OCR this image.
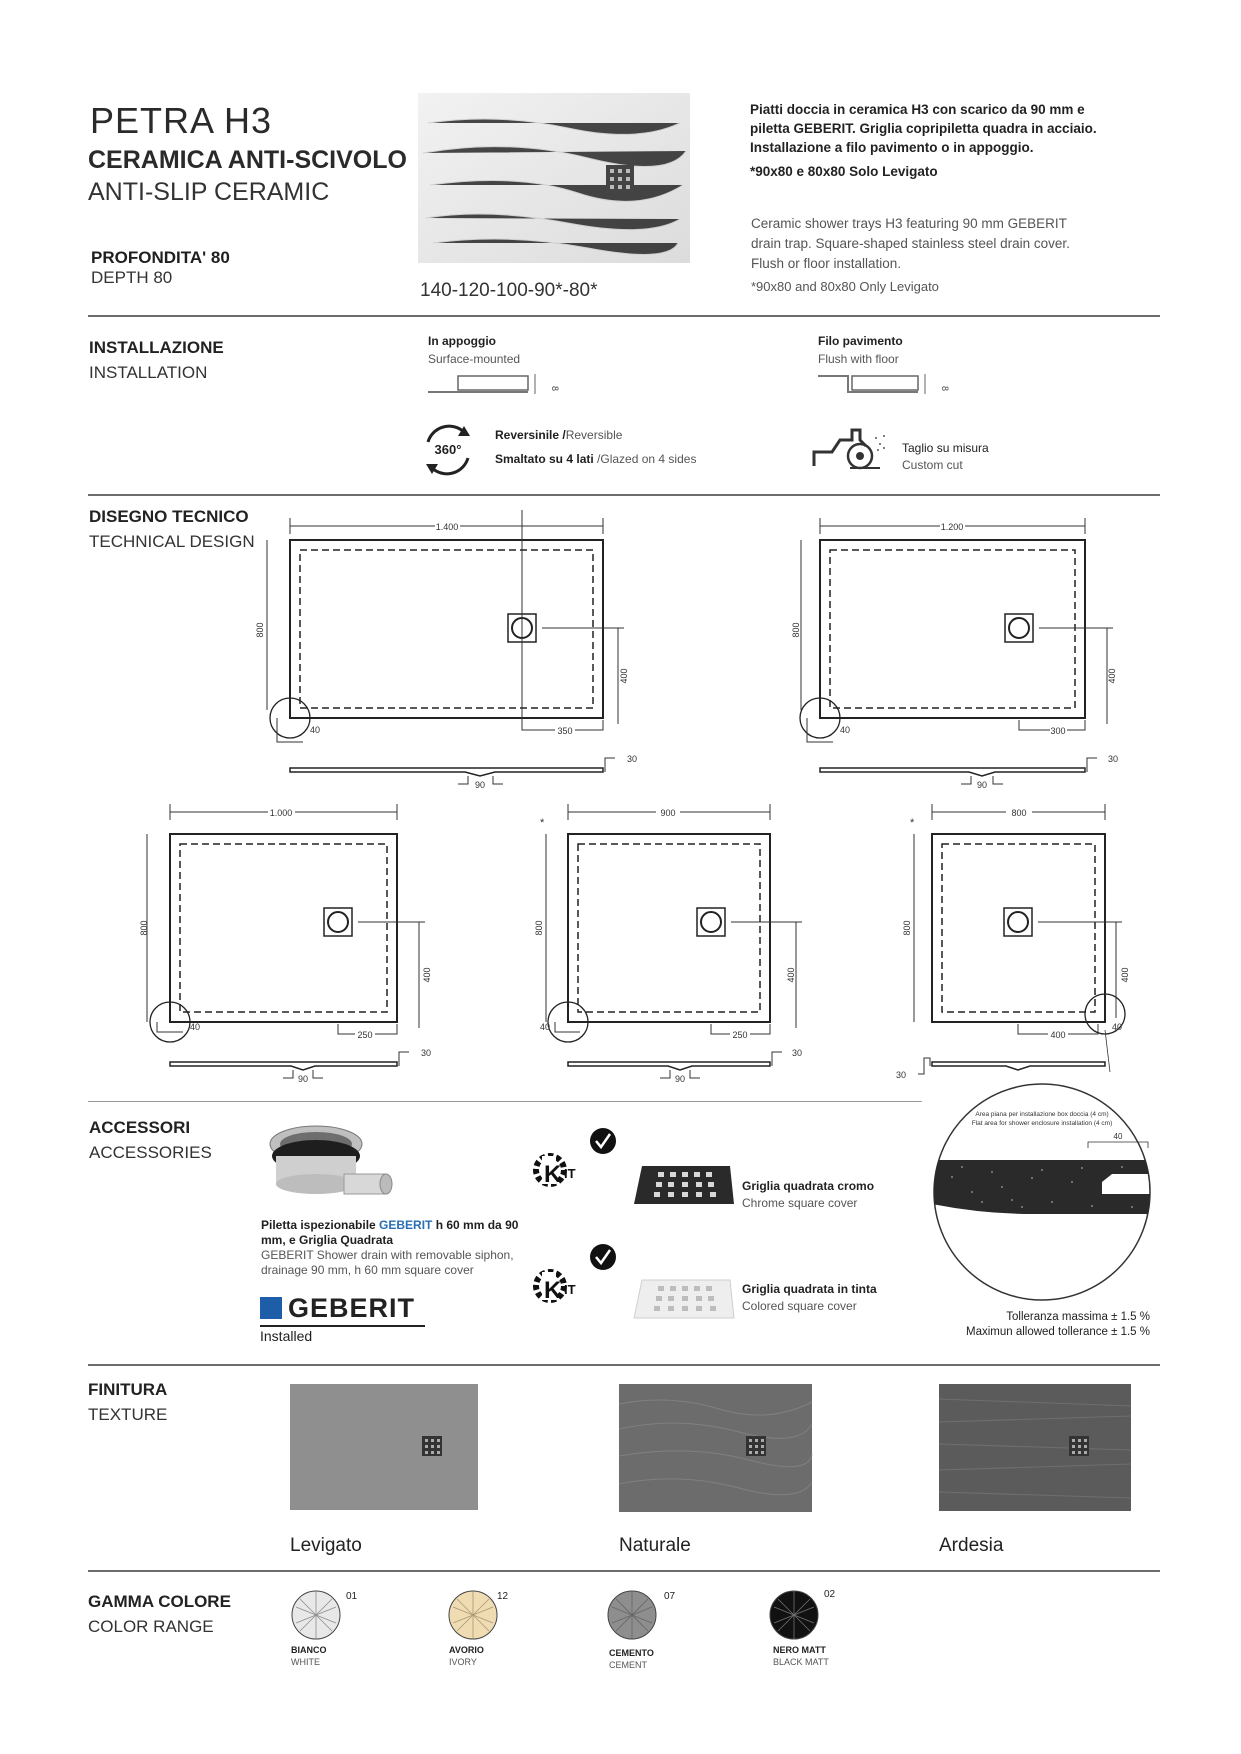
PETRA H3
CERAMICA ANTI-SCIVOLO
ANTI-SLIP CERAMIC
PROFONDITA' 80
DEPTH 80
140-120-100-90*-80*
Piatti doccia in ceramica H3 con scarico da 90 mm e
piletta GEBERIT. Griglia copripiletta quadra in acciaio.
Installazione a filo pavimento o in appoggio.
*90x80 e 80x80 Solo Levigato
Ceramic shower trays H3 featuring 90 mm GEBERIT
drain trap. Square-shaped stainless steel drain cover.
Flush or floor installation.
*90x80 and 80x80 Only Levigato
INSTALLAZIONE
INSTALLATION
In appoggio
Surface-mounted
8
Filo pavimento
Flush with floor
8
360°
Reversinile /Reversible
Smaltato su 4 lati /Glazed on 4 sides
Taglio su misura
Custom cut
DISEGNO TECNICO
TECHNICAL DESIGN
1.400
800
400
350
40
30
90
1.200
800
400
300
40
30
90
1.000
800
400
250
40
30
90
*
900
800
400
250
40
30
90
*
800
800
400
400
40
30
ACCESSORI
ACCESSORIES
Piletta ispezionabile GEBERIT h 60 mm da 90
mm, e Griglia Quadrata
GEBERIT Shower drain with removable siphon,
drainage 90 mm, h 60 mm square cover
GEBERIT
Installed
K IT
Griglia quadrata cromo
Chrome square cover
K IT	Griglia quadrata in tinta
Colored square cover
Area piana per installazione box doccia (4 cm)
Flat area for shower enclosure installation (4 cm)
40
Tolleranza massima ± 1.5 %
Maximun allowed tollerance ± 1.5 %
FINITURA
TEXTURE
Levigato	Naturale	Ardesia
GAMMA COLORE
COLOR RANGE
01
BIANCO
WHITE
12
AVORIO
IVORY
07
CEMENTO
CEMENT
02
NERO MATT
BLACK MATT
